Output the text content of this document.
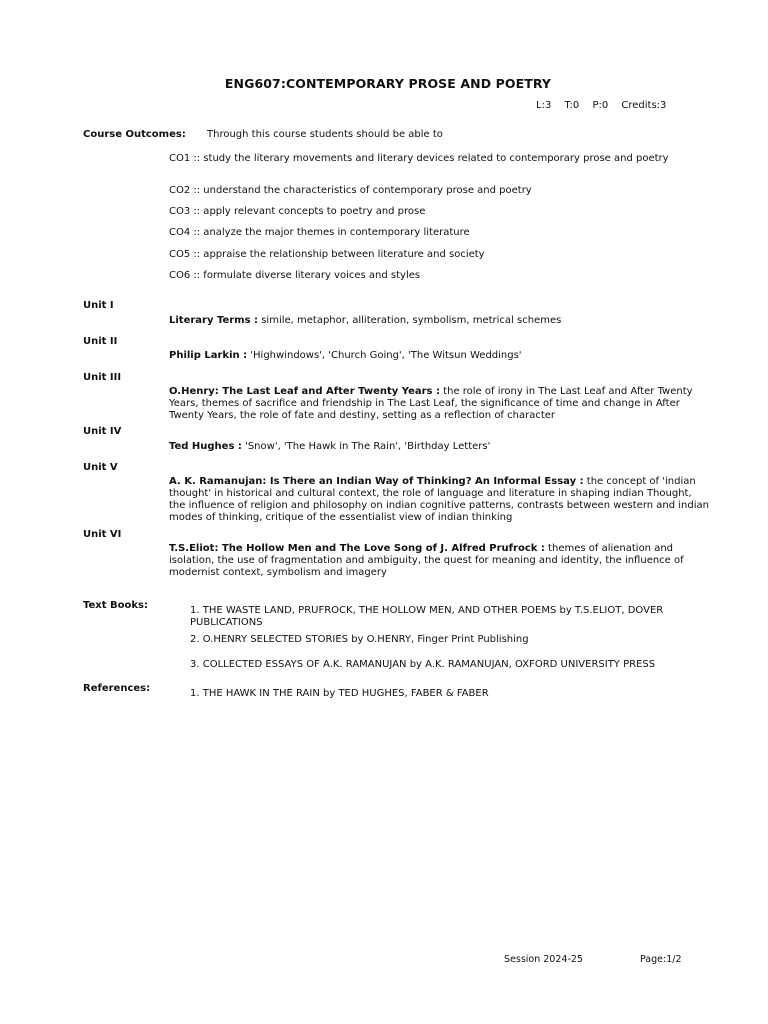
ENG607:CONTEMPORARY PROSE AND POETRY
L:3 T:0 P:0 Credits:3
Course Outcomes: Through this course students should be able to
CO1 :: study the literary movements and literary devices related to contemporary prose and poetry
CO2 :: understand the characteristics of contemporary prose and poetry
CO3 :: apply relevant concepts to poetry and prose
CO4 :: analyze the major themes in contemporary literature
CO5 :: appraise the relationship between literature and society
CO6 :: formulate diverse literary voices and styles
Unit I
Literary Terms : simile, metaphor, alliteration, symbolism, metrical schemes
Unit II
Philip Larkin : 'Highwindows', 'Church Going', 'The Witsun Weddings'
Unit III
O.Henry: The Last Leaf and After Twenty Years : the role of irony in The Last Leaf and After Twenty Years, themes of sacrifice and friendship in The Last Leaf, the significance of time and change in After Twenty Years, the role of fate and destiny, setting as a reflection of character
Unit IV
Ted Hughes : 'Snow', 'The Hawk in The Rain', 'Birthday Letters'
Unit V
A. K. Ramanujan: Is There an Indian Way of Thinking? An Informal Essay : the concept of 'indian thought' in historical and cultural context, the role of language and literature in shaping indian Thought, the influence of religion and philosophy on indian cognitive patterns, contrasts between western and indian modes of thinking, critique of the essentialist view of indian thinking
Unit VI
T.S.Eliot: The Hollow Men and The Love Song of J. Alfred Prufrock : themes of alienation and isolation, the use of fragmentation and ambiguity, the quest for meaning and identity, the influence of modernist context, symbolism and imagery
Text Books:	1. THE WASTE LAND, PRUFROCK, THE HOLLOW MEN, AND OTHER POEMS by T.S.ELIOT, DOVER PUBLICATIONS
2. O.HENRY SELECTED STORIES by O.HENRY, Finger Print Publishing
3. COLLECTED ESSAYS OF A.K. RAMANUJAN by A.K. RAMANUJAN, OXFORD UNIVERSITY PRESS
References:	1. THE HAWK IN THE RAIN by TED HUGHES, FABER & FABER
Session 2024-25	Page:1/2
